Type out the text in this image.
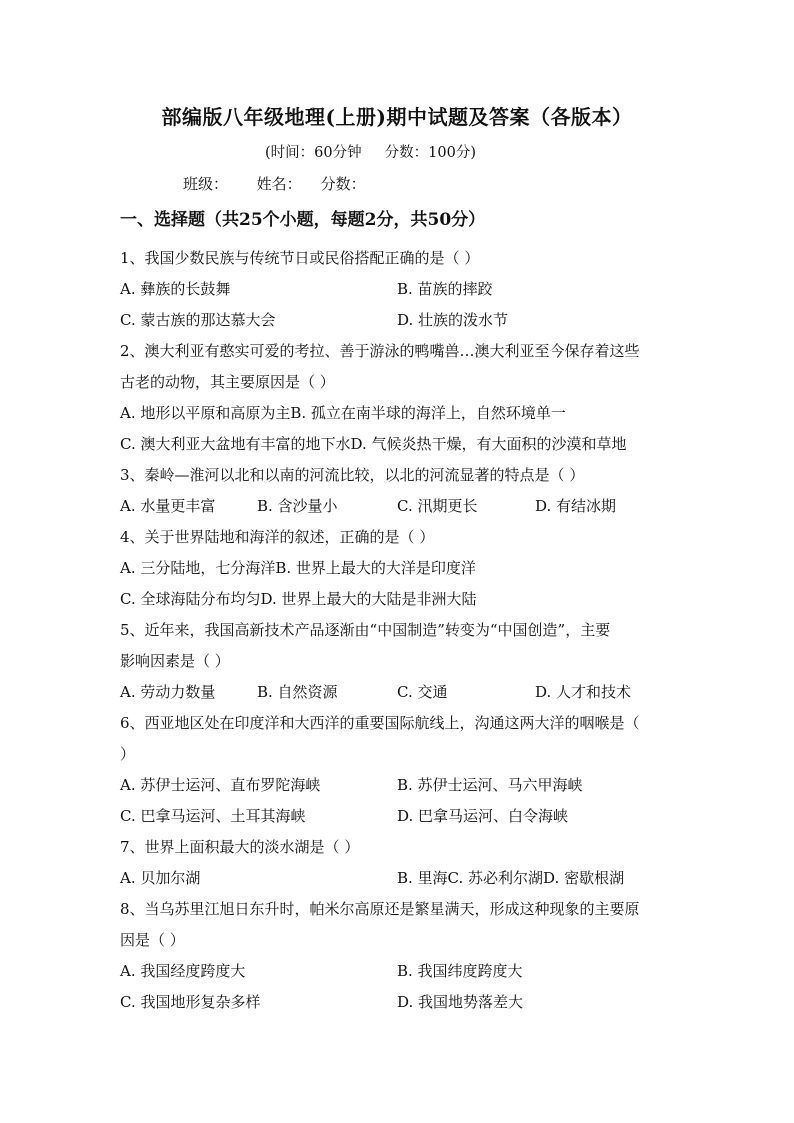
部编版八年级地理(上册)期中试题及答案（各版本）
(时间：60分钟     分数：100分)
班级：      姓名：    分数：
一、选择题（共25个小题，每题2分，共50分）
1、我国少数民族与传统节日或民俗搭配正确的是（ ）
A. 彝族的长鼓舞	B. 苗族的摔跤
C. 蒙古族的那达慕大会	D. 壮族的泼水节
2、澳大利亚有憨实可爱的考拉、善于游泳的鸭嘴兽…澳大利亚至今保存着这些
古老的动物，其主要原因是（ ）
A. 地形以平原和高原为主B. 孤立在南半球的海洋上，自然环境单一
C. 澳大利亚大盆地有丰富的地下水D. 气候炎热干燥，有大面积的沙漠和草地
3、秦岭—淮河以北和以南的河流比较，以北的河流显著的特点是（ ）
A. 水量更丰富	B. 含沙量小	C. 汛期更长	D. 有结冰期
4、关于世界陆地和海洋的叙述，正确的是（ ）
A. 三分陆地，七分海洋B. 世界上最大的大洋是印度洋
C. 全球海陆分布均匀D. 世界上最大的大陆是非洲大陆
5、近年来，我国高新技术产品逐渐由“中国制造”转变为“中国创造”，主要
影响因素是（ ）
A. 劳动力数量	B. 自然资源	C. 交通	D. 人才和技术
6、西亚地区处在印度洋和大西洋的重要国际航线上，沟通这两大洋的咽喉是（
）
A. 苏伊士运河、直布罗陀海峡	B. 苏伊士运河、马六甲海峡
C. 巴拿马运河、土耳其海峡	D. 巴拿马运河、白令海峡
7、世界上面积最大的淡水湖是（ ）
A. 贝加尔湖	B. 里海C. 苏必利尔湖D. 密歇根湖
8、当乌苏里江旭日东升时，帕米尔高原还是繁星满天，形成这种现象的主要原
因是（ ）
A. 我国经度跨度大	B. 我国纬度跨度大
C. 我国地形复杂多样	D. 我国地势落差大
